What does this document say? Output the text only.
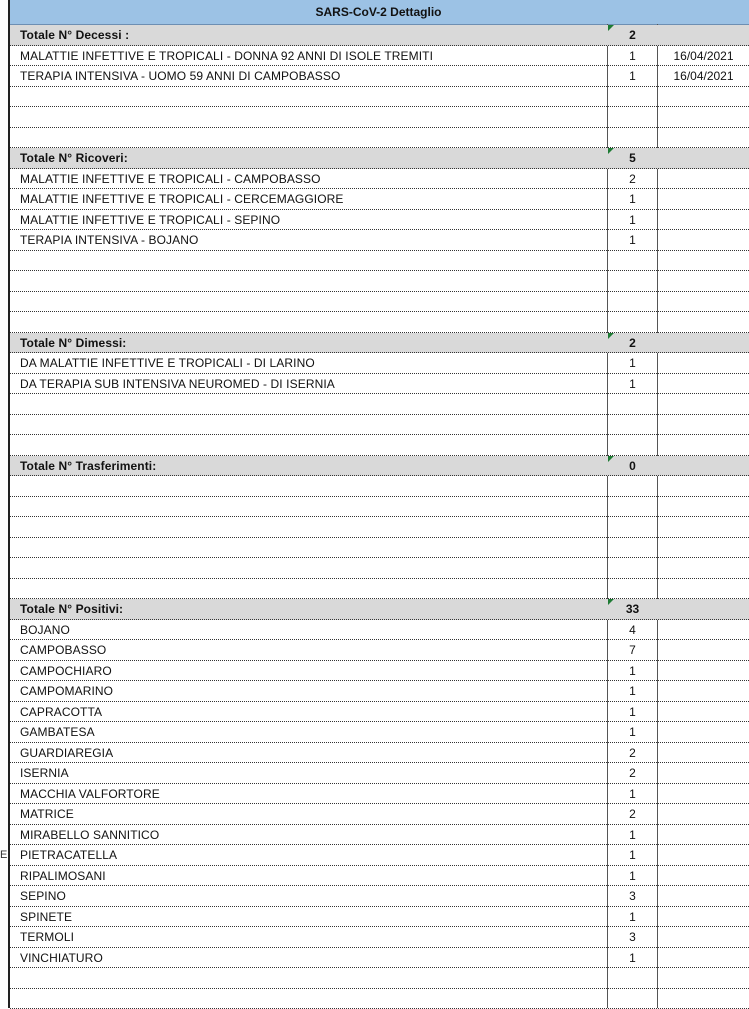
SARS-CoV-2 Dettaglio
Totale N° Decessi :	2
MALATTIE INFETTIVE E TROPICALI - DONNA 92 ANNI DI ISOLE TREMITI	1	16/04/2021
TERAPIA INTENSIVA - UOMO 59 ANNI DI CAMPOBASSO	1	16/04/2021
Totale N° Ricoveri:	5
MALATTIE INFETTIVE E TROPICALI - CAMPOBASSO	2
MALATTIE INFETTIVE E TROPICALI - CERCEMAGGIORE	1
MALATTIE INFETTIVE E TROPICALI - SEPINO	1
TERAPIA INTENSIVA - BOJANO	1
Totale N° Dimessi:	2
DA MALATTIE INFETTIVE E TROPICALI - DI LARINO	1
DA TERAPIA SUB INTENSIVA NEUROMED - DI ISERNIA	1
Totale N° Trasferimenti:	0
Totale N° Positivi:	33
BOJANO	4
CAMPOBASSO	7
CAMPOCHIARO	1
CAMPOMARINO	1
CAPRACOTTA	1
GAMBATESA	1
GUARDIAREGIA	2
ISERNIA	2
MACCHIA VALFORTORE	1
MATRICE	2
MIRABELLO SANNITICO	1
PIETRACATELLA	1
RIPALIMOSANI	1
SEPINO	3
SPINETE	1
TERMOLI	3
VINCHIATURO	1
E
